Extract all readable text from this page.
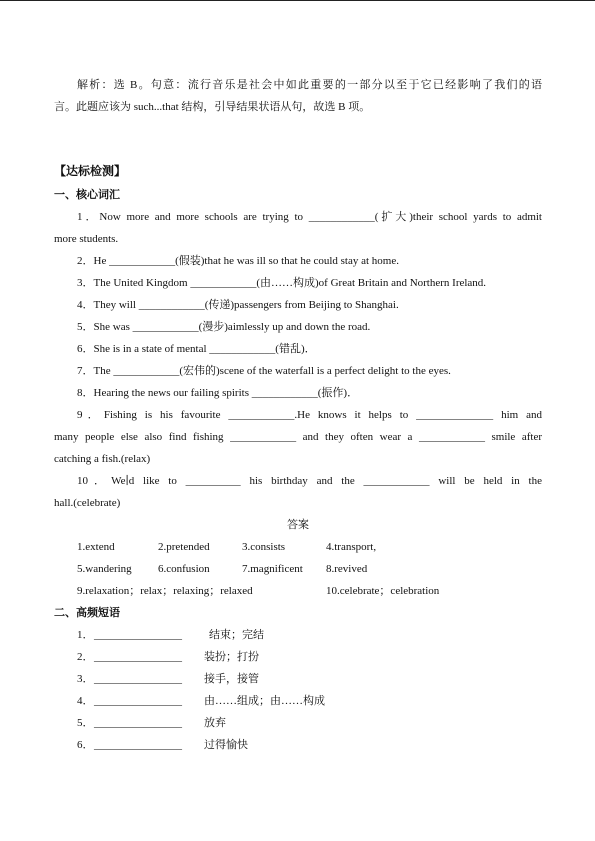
解析：选 B。句意：流行音乐是社会中如此重要的一部分以至于它已经影响了我们的语

言。此题应该为 such...that 结构，引导结果状语从句，故选 B 项。

【达标检测】

一、核心词汇

1．Now more and more schools are trying to ____________(扩大)their school yards to admit

more students.

2．He ____________(假装)that he was ill so that he could stay at home.

3．The United Kingdom ____________(由……构成)of Great Britain and Northern Ireland.

4．They will ____________(传递)passengers from Beijing to Shanghai.

5．She was ____________(漫步)aimlessly up and down the road.

6．She is in a state of mental ____________(错乱)．

7．The ____________(宏伟的)scene of the waterfall is a perfect delight to the eyes.

8．Hearing the news our failing spirits ____________(振作)．

9．Fishing is his favourite ____________.He knows it helps to ______________ him and

many people else also find fishing ____________ and they often wear a ____________ smile after

catching a fish.(relax)

10．We∣d like to __________ his birthday and the ____________ will be held in the

hall.(celebrate)

答案

1.extend	2.pretended	3.consists	4.transport,
5.wandering 6.confusion	7.magnificent 8.revived
9.relaxation；relax；relaxing；relaxed	10.celebrate；celebration

二、高频短语

1． ________________ 结束；完结
2． ________________ 装扮；打扮
3． ________________ 接手，接管
4． ________________ 由……组成；由……构成
5． ________________ 放弃
6． ________________ 过得愉快
